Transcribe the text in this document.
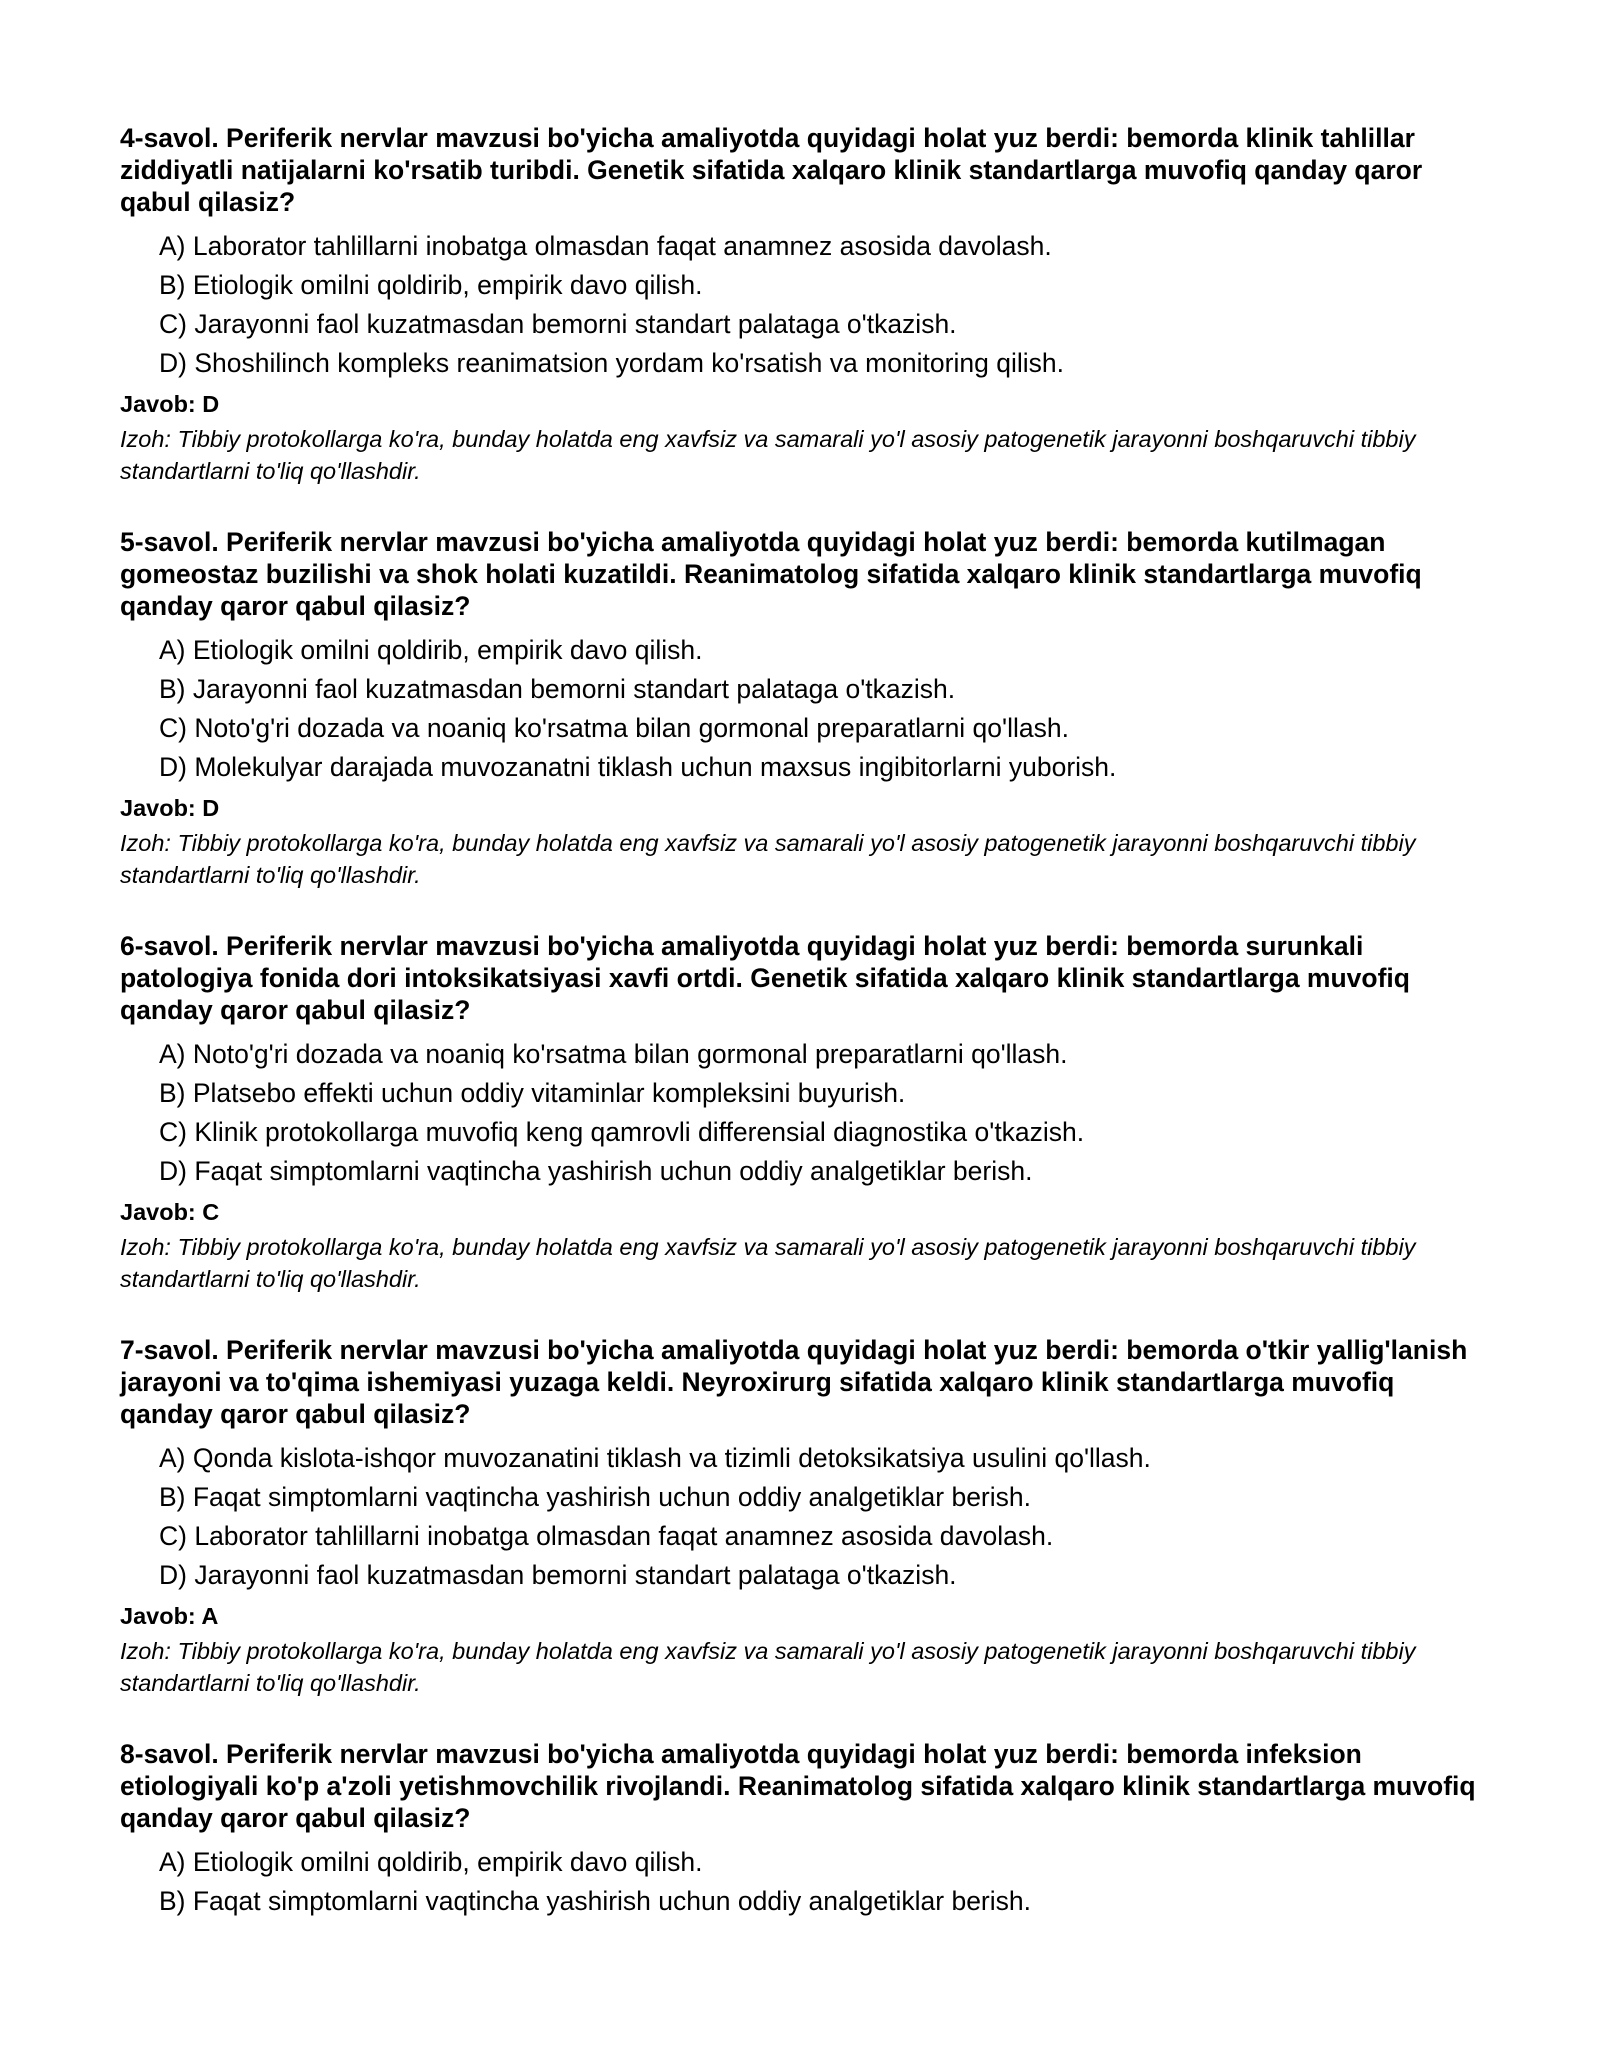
4-savol. Periferik nervlar mavzusi bo'yicha amaliyotda quyidagi holat yuz berdi: bemorda klinik tahlillar ziddiyatli natijalarni ko'rsatib turibdi. Genetik sifatida xalqaro klinik standartlarga muvofiq qanday qaror qabul qilasiz?

A) Laborator tahlillarni inobatga olmasdan faqat anamnez asosida davolash.
B) Etiologik omilni qoldirib, empirik davo qilish.
C) Jarayonni faol kuzatmasdan bemorni standart palataga o'tkazish.
D) Shoshilinch kompleks reanimatsion yordam ko'rsatish va monitoring qilish.

Javob: D

Izoh: Tibbiy protokollarga ko'ra, bunday holatda eng xavfsiz va samarali yo'l asosiy patogenetik jarayonni boshqaruvchi tibbiy standartlarni to'liq qo'llashdir.

5-savol. Periferik nervlar mavzusi bo'yicha amaliyotda quyidagi holat yuz berdi: bemorda kutilmagan gomeostaz buzilishi va shok holati kuzatildi. Reanimatolog sifatida xalqaro klinik standartlarga muvofiq qanday qaror qabul qilasiz?

A) Etiologik omilni qoldirib, empirik davo qilish.
B) Jarayonni faol kuzatmasdan bemorni standart palataga o'tkazish.
C) Noto'g'ri dozada va noaniq ko'rsatma bilan gormonal preparatlarni qo'llash.
D) Molekulyar darajada muvozanatni tiklash uchun maxsus ingibitorlarni yuborish.

Javob: D

Izoh: Tibbiy protokollarga ko'ra, bunday holatda eng xavfsiz va samarali yo'l asosiy patogenetik jarayonni boshqaruvchi tibbiy standartlarni to'liq qo'llashdir.

6-savol. Periferik nervlar mavzusi bo'yicha amaliyotda quyidagi holat yuz berdi: bemorda surunkali patologiya fonida dori intoksikatsiyasi xavfi ortdi. Genetik sifatida xalqaro klinik standartlarga muvofiq qanday qaror qabul qilasiz?

A) Noto'g'ri dozada va noaniq ko'rsatma bilan gormonal preparatlarni qo'llash.
B) Platsebo effekti uchun oddiy vitaminlar kompleksini buyurish.
C) Klinik protokollarga muvofiq keng qamrovli differensial diagnostika o'tkazish.
D) Faqat simptomlarni vaqtincha yashirish uchun oddiy analgetiklar berish.

Javob: C

Izoh: Tibbiy protokollarga ko'ra, bunday holatda eng xavfsiz va samarali yo'l asosiy patogenetik jarayonni boshqaruvchi tibbiy standartlarni to'liq qo'llashdir.

7-savol. Periferik nervlar mavzusi bo'yicha amaliyotda quyidagi holat yuz berdi: bemorda o'tkir yallig'lanish jarayoni va to'qima ishemiyasi yuzaga keldi. Neyroxirurg sifatida xalqaro klinik standartlarga muvofiq qanday qaror qabul qilasiz?

A) Qonda kislota-ishqor muvozanatini tiklash va tizimli detoksikatsiya usulini qo'llash.
B) Faqat simptomlarni vaqtincha yashirish uchun oddiy analgetiklar berish.
C) Laborator tahlillarni inobatga olmasdan faqat anamnez asosida davolash.
D) Jarayonni faol kuzatmasdan bemorni standart palataga o'tkazish.

Javob: A

Izoh: Tibbiy protokollarga ko'ra, bunday holatda eng xavfsiz va samarali yo'l asosiy patogenetik jarayonni boshqaruvchi tibbiy standartlarni to'liq qo'llashdir.

8-savol. Periferik nervlar mavzusi bo'yicha amaliyotda quyidagi holat yuz berdi: bemorda infeksion etiologiyali ko'p a'zoli yetishmovchilik rivojlandi. Reanimatolog sifatida xalqaro klinik standartlarga muvofiq qanday qaror qabul qilasiz?

A) Etiologik omilni qoldirib, empirik davo qilish.
B) Faqat simptomlarni vaqtincha yashirish uchun oddiy analgetiklar berish.
